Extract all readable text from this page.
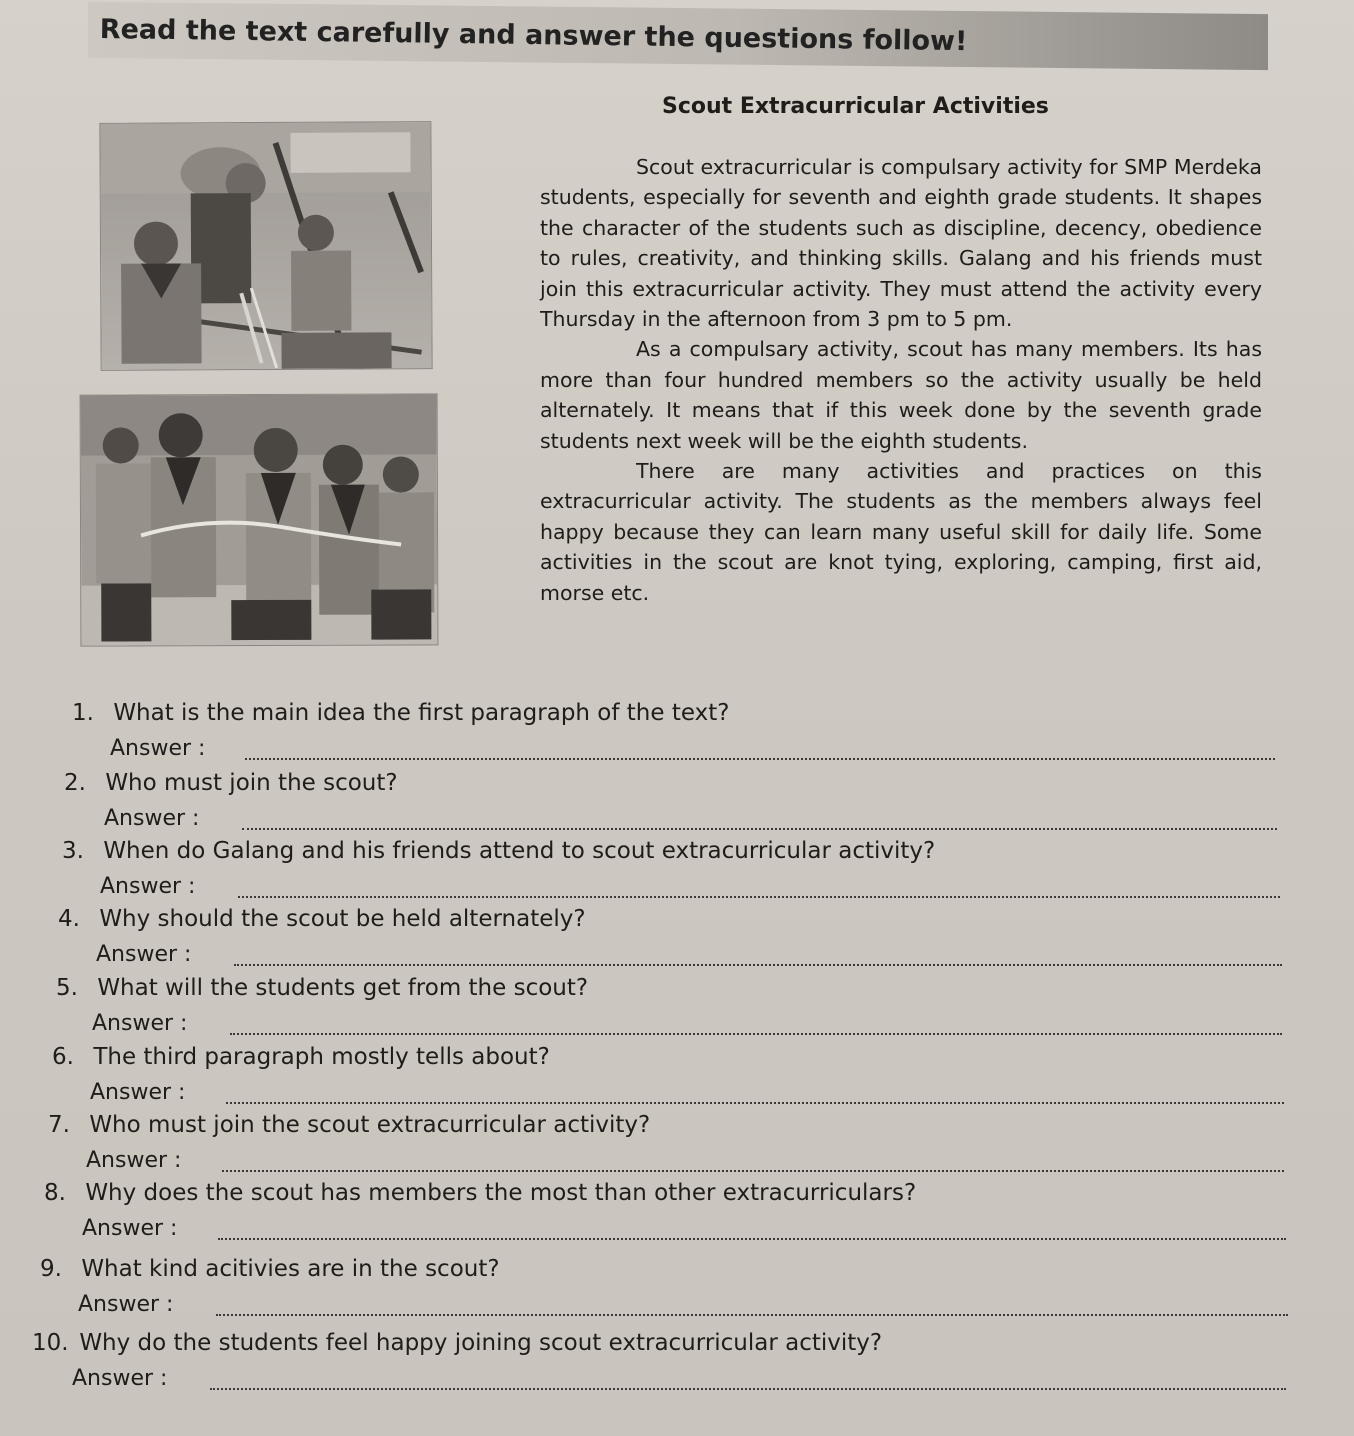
Read the text carefully and answer the questions follow!
Scout Extracurricular Activities

Scout extracurricular is compulsary activity for SMP Merdeka students, especially for seventh and eighth grade students. It shapes the character of the students such as discipline, decency, obedience to rules, creativity, and thinking skills. Galang and his friends must join this extracurricular activity. They must attend the activity every Thursday in the afternoon from 3 pm to 5 pm.

As a compulsary activity, scout has many members. Its has more than four hundred members so the activity usually be held alternately. It means that if this week done by the seventh grade students next week will be the eighth students.

There are many activities and practices on this extracurricular activity. The students as the members always feel happy because they can learn many useful skill for daily life. Some activities in the scout are knot tying, exploring, camping, first aid, morse etc.

1. What is the main idea the first paragraph of the text?
Answer :
2. Who must join the scout?
Answer :
3. When do Galang and his friends attend to scout extracurricular activity?
Answer :
4. Why should the scout be held alternately?
Answer :
5. What will the students get from the scout?
Answer :
6. The third paragraph mostly tells about?
Answer :
7. Who must join the scout extracurricular activity?
Answer :
8. Why does the scout has members the most than other extracurriculars?
Answer :
9. What kind acitivies are in the scout?
Answer :
10. Why do the students feel happy joining scout extracurricular activity?
Answer :
